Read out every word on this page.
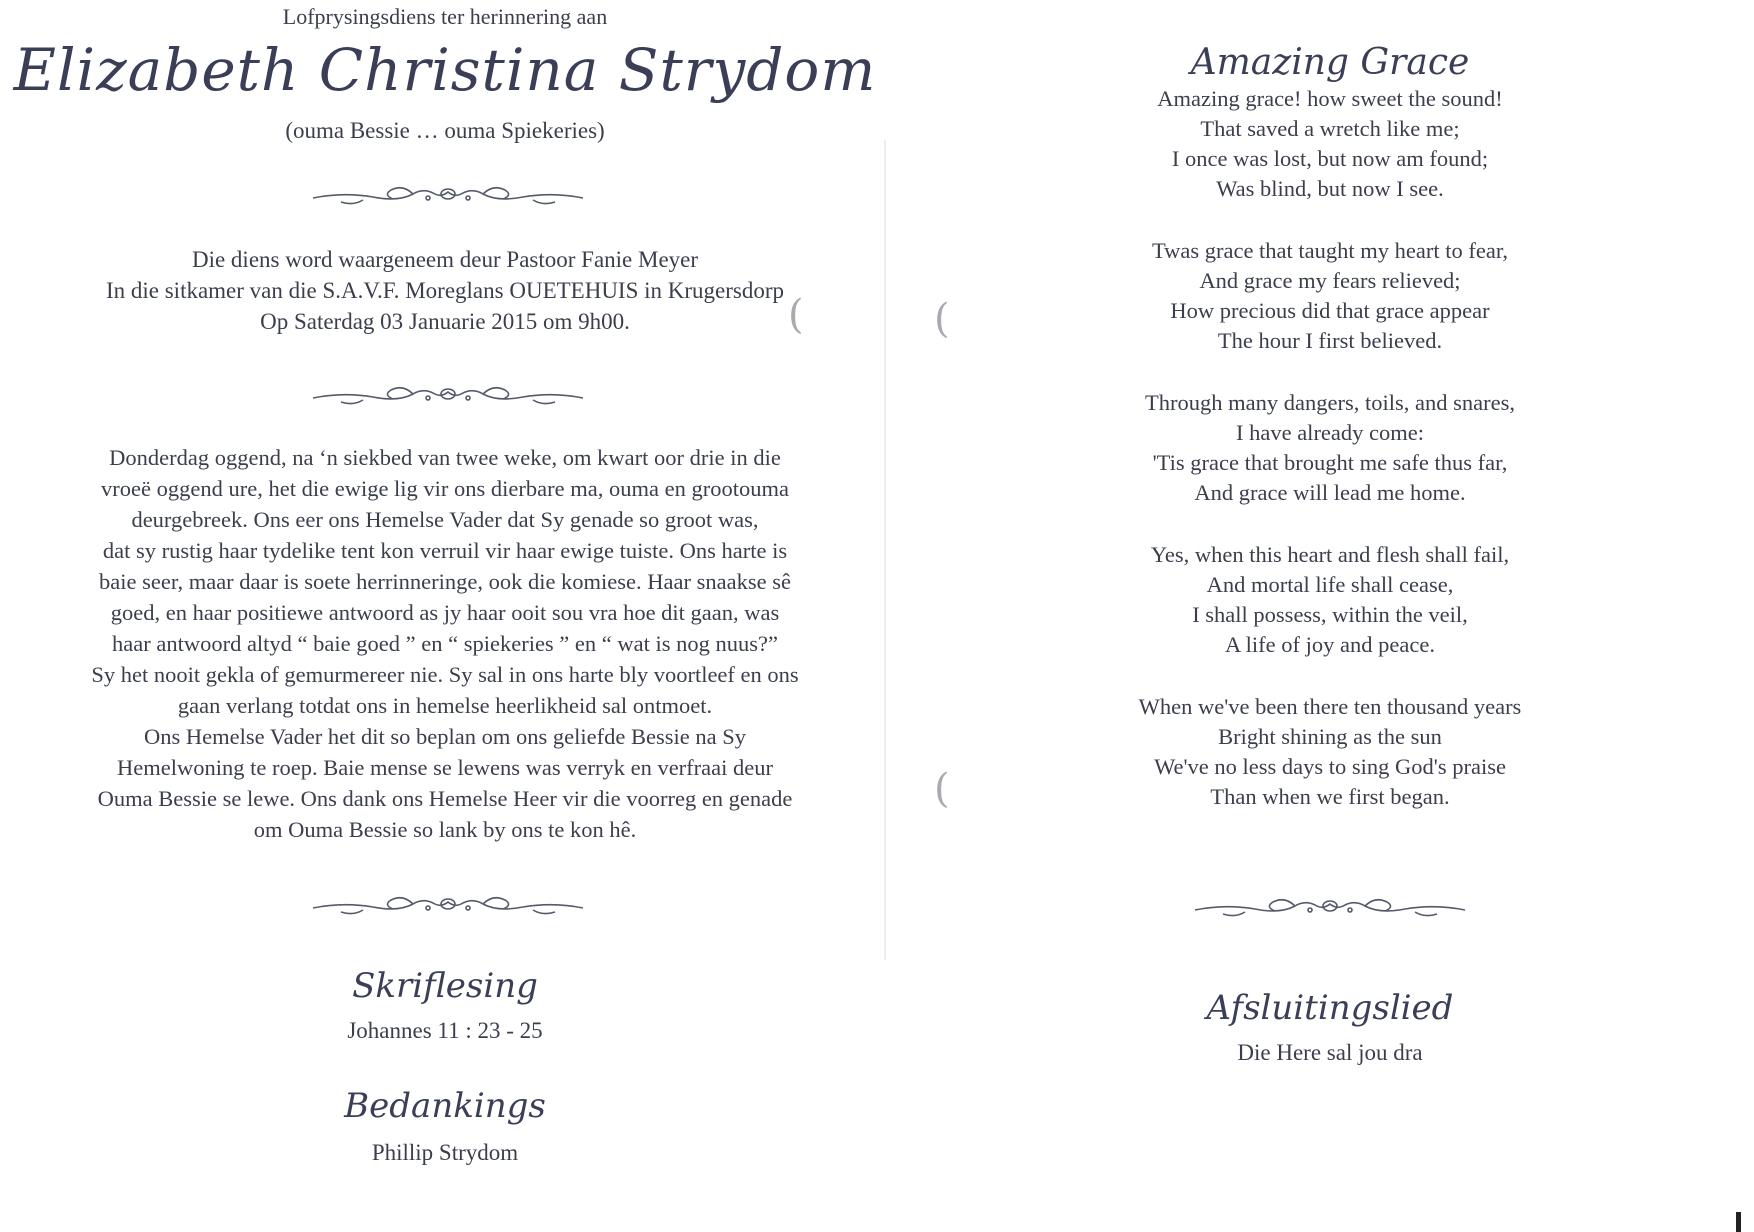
Lofprysingsdiens ter herinnering aan
Elizabeth Christina Strydom
(ouma Bessie … ouma Spiekeries)
Die diens word waargeneem deur Pastoor Fanie Meyer
In die sitkamer van die S.A.V.F. Moreglans OUETEHUIS in Krugersdorp
Op Saterdag 03 Januarie 2015 om 9h00.
Donderdag oggend, na ‘n siekbed van twee weke, om kwart oor drie in die
vroeë oggend ure, het die ewige lig vir ons dierbare ma, ouma en grootouma
deurgebreek. Ons eer ons Hemelse Vader dat Sy genade so groot was,
dat sy rustig haar tydelike tent kon verruil vir haar ewige tuiste. Ons harte is
baie seer, maar daar is soete herrinneringe, ook die komiese. Haar snaakse sê
goed, en haar positiewe antwoord as jy haar ooit sou vra hoe dit gaan, was
haar antwoord altyd “ baie goed ” en “ spiekeries ” en “ wat is nog nuus?”
Sy het nooit gekla of gemurmereer nie. Sy sal in ons harte bly voortleef en ons
gaan verlang totdat ons in hemelse heerlikheid sal ontmoet.
Ons Hemelse Vader het dit so beplan om ons geliefde Bessie na Sy
Hemelwoning te roep. Baie mense se lewens was verryk en verfraai deur
Ouma Bessie se lewe. Ons dank ons Hemelse Heer vir die voorreg en genade
om Ouma Bessie so lank by ons te kon hê.
Skriflesing
Johannes 11 : 23 - 25
Bedankings
Phillip Strydom
(	(
(
Amazing Grace
Amazing grace! how sweet the sound!
That saved a wretch like me;
I once was lost, but now am found;
Was blind, but now I see.
Twas grace that taught my heart to fear,
And grace my fears relieved;
How precious did that grace appear
The hour I first believed.
Through many dangers, toils, and snares,
I have already come:
'Tis grace that brought me safe thus far,
And grace will lead me home.
Yes, when this heart and flesh shall fail,
And mortal life shall cease,
I shall possess, within the veil,
A life of joy and peace.
When we've been there ten thousand years
Bright shining as the sun
We've no less days to sing God's praise
Than when we first began.
Afsluitingslied
Die Here sal jou dra
